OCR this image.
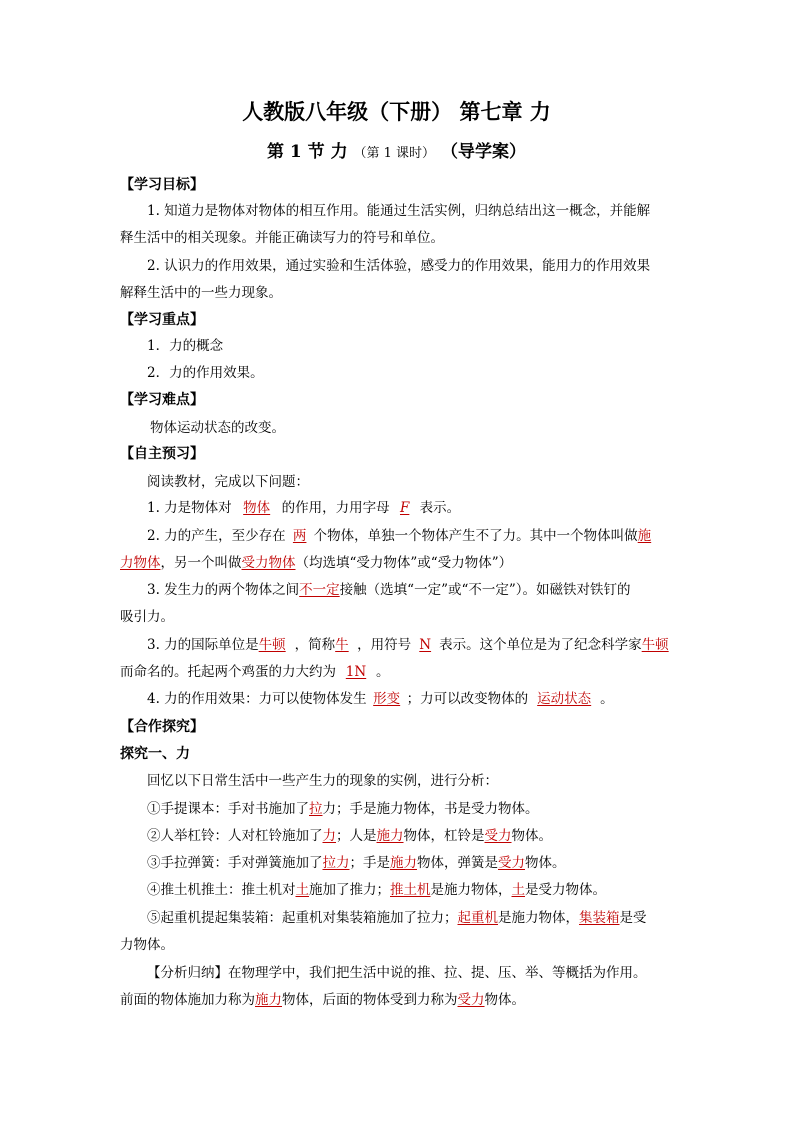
人教版八年级（下册） 第七章 力
第 1 节 力 （第 1 课时） （导学案）
【学习目标】
1. 知道力是物体对物体的相互作用。能通过生活实例，归纳总结出这一概念，并能解
释生活中的相关现象。并能正确读写力的符号和单位。
2. 认识力的作用效果，通过实验和生活体验，感受力的作用效果，能用力的作用效果
解释生活中的一些力现象。
【学习重点】
1．力的概念
2．力的作用效果。
【学习难点】
物体运动状态的改变。
【自主预习】
阅读教材，完成以下问题：
1. 力是物体对 物体 的作用，力用字母 F 表示。
2. 力的产生，至少存在 两 个物体，单独一个物体产生不了力。其中一个物体叫做施
力物体，另一个叫做受力物体（均选填“受力物体”或“受力物体”）
3. 发生力的两个物体之间不一定接触（选填“一定”或“不一定”）。如磁铁对铁钉的
吸引力。
3. 力的国际单位是牛顿 ，简称牛 ，用符号 N 表示。这个单位是为了纪念科学家牛顿
而命名的。托起两个鸡蛋的力大约为 1N 。
4. 力的作用效果：力可以使物体发生 形变 ；力可以改变物体的 运动状态 。
【合作探究】
探究一、力
回忆以下日常生活中一些产生力的现象的实例，进行分析：
①手提课本：手对书施加了拉力；手是施力物体，书是受力物体。
②人举杠铃：人对杠铃施加了力；人是施力物体，杠铃是受力物体。
③手拉弹簧：手对弹簧施加了拉力；手是施力物体，弹簧是受力物体。
④推土机推土：推土机对土施加了推力；推土机是施力物体，土是受力物体。
⑤起重机提起集装箱：起重机对集装箱施加了拉力；起重机是施力物体，集装箱是受
力物体。
【分析归纳】在物理学中，我们把生活中说的推、拉、提、压、举、等概括为作用。
前面的物体施加力称为施力物体，后面的物体受到力称为受力物体。
